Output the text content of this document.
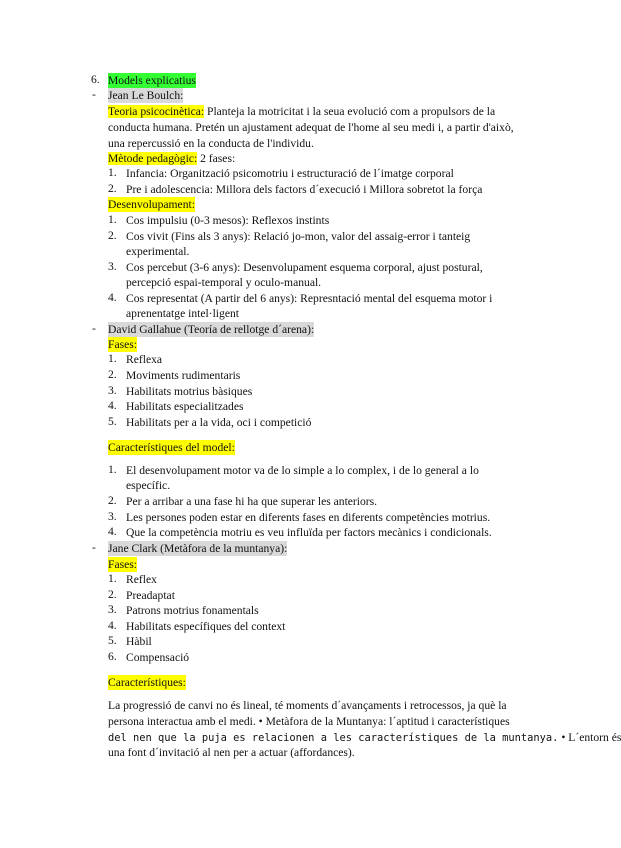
6. Models explicatius
- Jean Le Boulch:
Teoria psicocinètica: Planteja la motricitat i la seua evolució com a propulsors de la
conducta humana. Pretén un ajustament adequat de l'home al seu medi i, a partir d'això,
una repercussió en la conducta de l'individu.
Mètode pedagògic: 2 fases:
1. Infancia: Organització psicomotriu i estructuració de l´imatge corporal
2. Pre i adolescencia: Millora dels factors d´execució i Millora sobretot la força
Desenvolupament:
1. Cos impulsiu (0-3 mesos): Reflexos instints
2. Cos vivit (Fins als 3 anys): Relació jo-mon, valor del assaig-error i tanteig
experimental.
3. Cos percebut (3-6 anys): Desenvolupament esquema corporal, ajust postural,
percepció espai-temporal y oculo-manual.
4. Cos representat (A partir del 6 anys): Represntació mental del esquema motor i
aprenentatge intel·ligent
- David Gallahue (Teoría de rellotge d´arena):
Fases:
1. Reflexa
2. Moviments rudimentaris
3. Habilitats motrius bàsiques
4. Habilitats especialitzades
5. Habilitats per a la vida, oci i competició
Característiques del model:
1. El desenvolupament motor va de lo simple a lo complex, i de lo general a lo
específic.
2. Per a arribar a una fase hi ha que superar les anteriors.
3. Les persones poden estar en diferents fases en diferents competències motrius.
4. Que la competència motriu es veu influïda per factors mecànics i condicionals.
- Jane Clark (Metàfora de la muntanya):
Fases:
1. Reflex
2. Preadaptat
3. Patrons motrius fonamentals
4. Habilitats específiques del context
5. Hàbil
6. Compensació
Característiques:
La progressió de canvi no és lineal, té moments d´avançaments i retrocessos, ja què la
persona interactua amb el medi. • Metàfora de la Muntanya: l´aptitud i característiques
del nen que la puja es relacionen a les característiques de la muntanya. • L´entorn és
una font d´invitació al nen per a actuar (affordances).
